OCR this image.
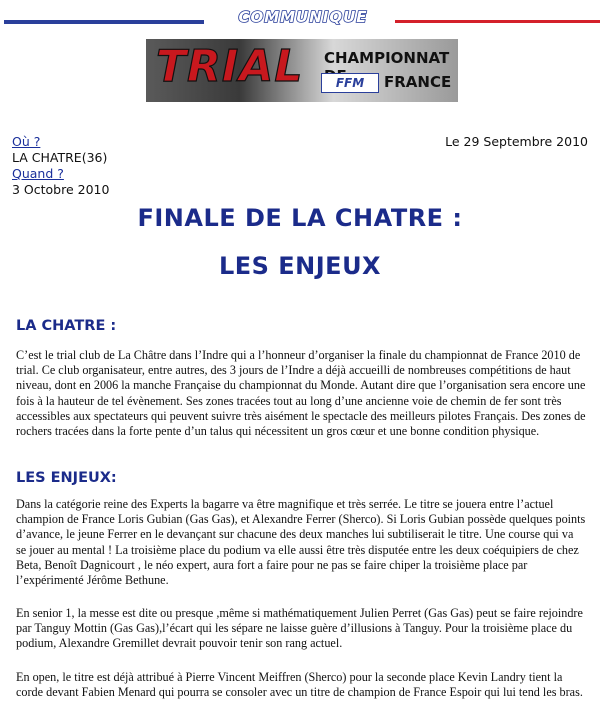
COMMUNIQUE
TRIAL CHAMPIONNAT
FFM	FRANCE
Où ?
LA CHATRE(36)
Quand ?
3 Octobre 2010
Le 29 Septembre 2010
FINALE DE LA CHATRE :
LES ENJEUX
LA CHATRE :
C’est le trial club de La Châtre dans l’Indre qui a l’honneur d’organiser la finale du championnat de France 2010 de trial. Ce club organisateur, entre autres, des 3 jours de l’Indre a déjà accueilli de nombreuses compétitions de haut niveau, dont en 2006 la manche Française du championnat du Monde. Autant dire que l’organisation sera encore une fois à la hauteur de tel évènement. Ses zones tracées tout au long d’une ancienne voie de chemin de fer sont très accessibles aux spectateurs qui peuvent suivre très aisément le spectacle des meilleurs pilotes Français. Des zones de rochers tracées dans la forte pente d’un talus qui nécessitent un gros cœur et une bonne condition physique.
LES ENJEUX:
Dans la catégorie reine des Experts la bagarre va être magnifique et très serrée. Le titre se jouera entre l’actuel champion de France Loris Gubian (Gas Gas), et Alexandre Ferrer (Sherco). Si Loris Gubian possède quelques points d’avance, le jeune Ferrer en le devançant sur chacune des deux manches lui subtiliserait le titre. Une course qui va se jouer au mental ! La troisième place du podium va elle aussi être très disputée entre les deux coéquipiers de chez Beta, Benoît Dagnicourt , le néo expert, aura fort a faire pour ne pas se faire chiper la troisième place par l’expérimenté Jérôme Bethune.
En senior 1, la messe est dite ou presque ,même si mathématiquement Julien Perret (Gas Gas) peut se faire rejoindre par Tanguy Mottin (Gas Gas),l’écart qui les sépare ne laisse guère d’illusions à Tanguy. Pour la troisième place du podium, Alexandre Gremillet devrait pouvoir tenir son rang actuel.
En open, le titre est déjà attribué à Pierre Vincent Meiffren (Sherco) pour la seconde place Kevin Landry tient la corde devant Fabien Menard qui pourra se consoler avec un titre de champion de France Espoir qui lui tend les bras.
